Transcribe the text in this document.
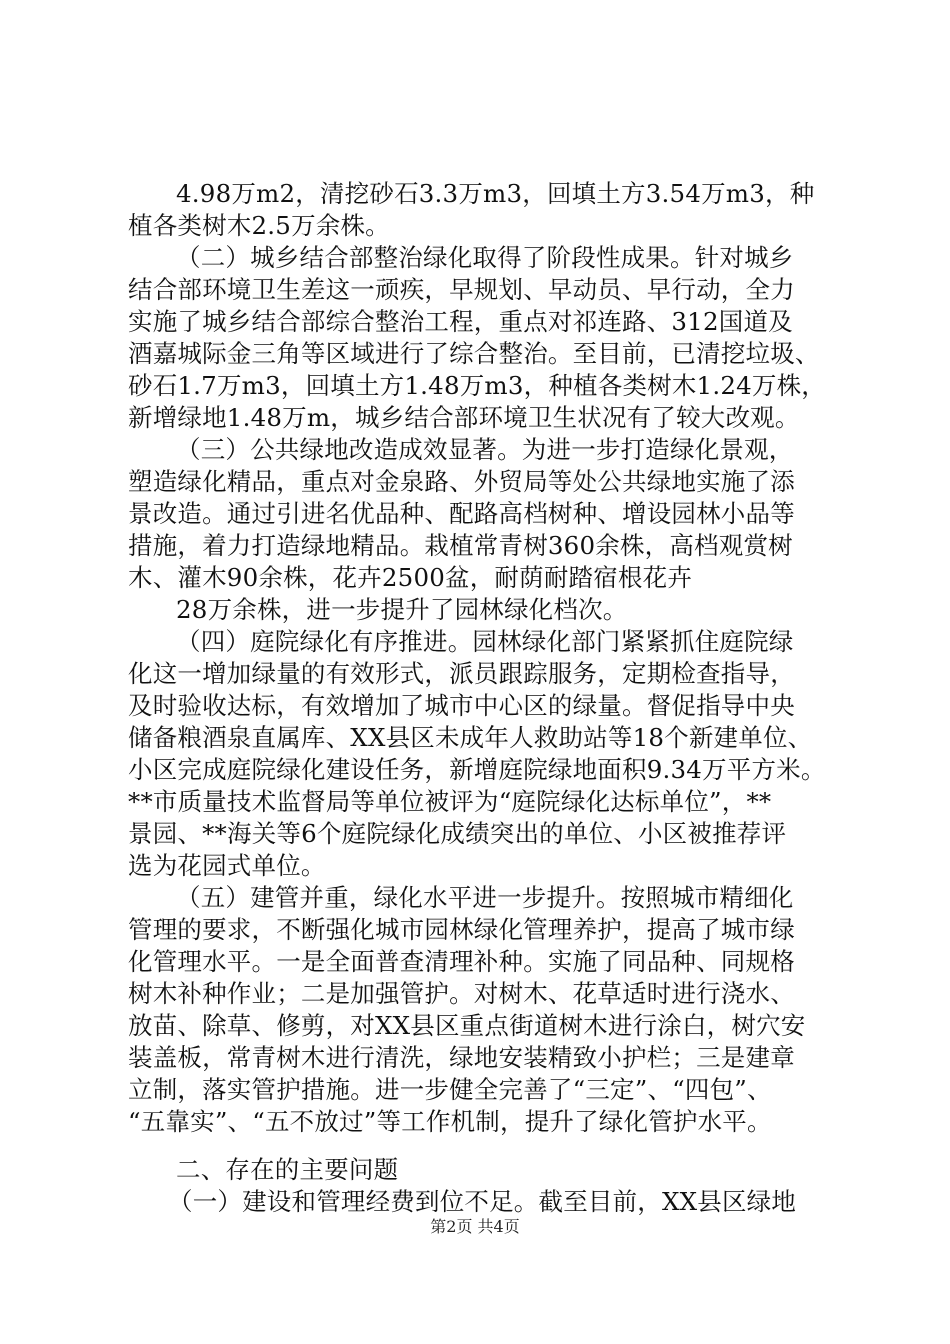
4.98万m2，清挖砂石3.3万m3，回填土方3.54万m3，种
植各类树木2.5万余株。
（二）城乡结合部整治绿化取得了阶段性成果。针对城乡
结合部环境卫生差这一顽疾，早规划、早动员、早行动，全力
实施了城乡结合部综合整治工程，重点对祁连路、312国道及
酒嘉城际金三角等区域进行了综合整治。至目前，已清挖垃圾、
砂石1.7万m3，回填土方1.48万m3，种植各类树木1.24万株，
新增绿地1.48万m，城乡结合部环境卫生状况有了较大改观。
（三）公共绿地改造成效显著。为进一步打造绿化景观，
塑造绿化精品，重点对金泉路、外贸局等处公共绿地实施了添
景改造。通过引进名优品种、配路高档树种、增设园林小品等
措施，着力打造绿地精品。栽植常青树360余株，高档观赏树
木、灌木90余株，花卉2500盆，耐荫耐踏宿根花卉
28万余株，进一步提升了园林绿化档次。
（四）庭院绿化有序推进。园林绿化部门紧紧抓住庭院绿
化这一增加绿量的有效形式，派员跟踪服务，定期检查指导，
及时验收达标，有效增加了城市中心区的绿量。督促指导中央
储备粮酒泉直属库、XX县区未成年人救助站等18个新建单位、
小区完成庭院绿化建设任务，新增庭院绿地面积9.34万平方米。
**市质量技术监督局等单位被评为“庭院绿化达标单位”，**
景园、**海关等6个庭院绿化成绩突出的单位、小区被推荐评
选为花园式单位。
（五）建管并重，绿化水平进一步提升。按照城市精细化
管理的要求，不断强化城市园林绿化管理养护，提高了城市绿
化管理水平。一是全面普查清理补种。实施了同品种、同规格
树木补种作业；二是加强管护。对树木、花草适时进行浇水、
放苗、除草、修剪，对XX县区重点街道树木进行涂白，树穴安
装盖板，常青树木进行清洗，绿地安装精致小护栏；三是建章
立制，落实管护措施。进一步健全完善了“三定”、“四包”、
“五靠实”、“五不放过”等工作机制，提升了绿化管护水平。
二、存在的主要问题
（一）建设和管理经费到位不足。截至目前，XX县区绿地
第2页 共4页
